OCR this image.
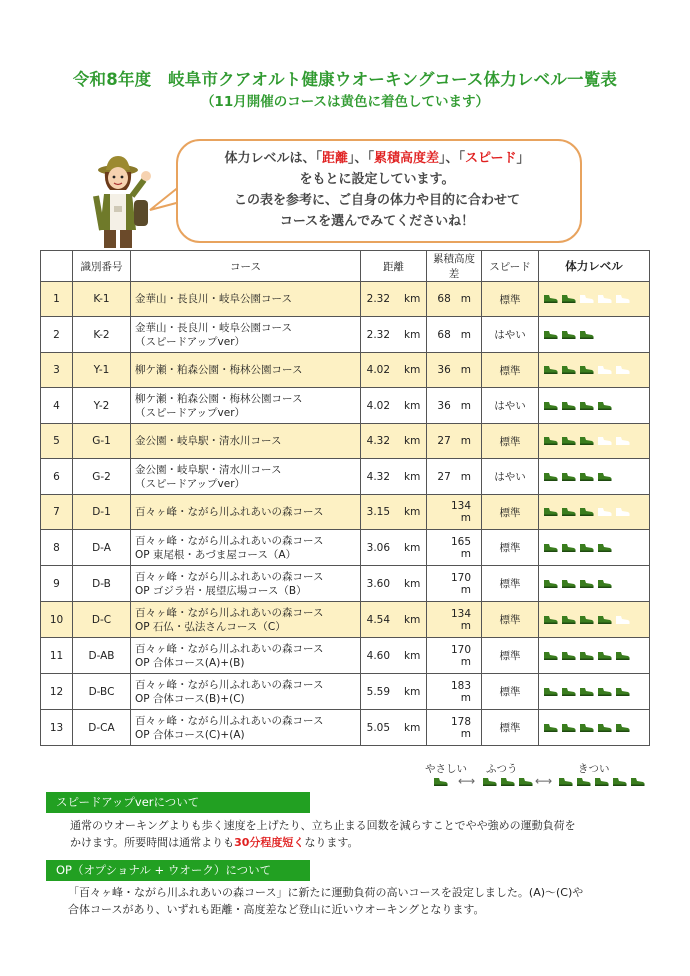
令和8年度　岐阜市クアオルト健康ウオーキングコース体力レベル一覧表
（11月開催のコースは黄色に着色しています）
体力レベルは、「距離」、「累積高度差」、「スピード」
をもとに設定しています。
この表を参考に、ご自身の体力や目的に合わせて
コースを選んでみてくださいね！
	識別番号	コース	距離	累積高度差	スピード	体力レベル
1	K-1	金華山・長良川・岐阜公園コース	2.32 km	68 m	標準	

2	K-2	金華山・長良川・岐阜公園コース
（スピードアップver）	2.32 km	68 m	はやい	

3	Y-1	柳ケ瀬・粕森公園・梅林公園コース	4.02 km	36 m	標準	

4	Y-2	柳ケ瀬・粕森公園・梅林公園コース
（スピードアップver）	4.02 km	36 m	はやい	

5	G-1	金公園・岐阜駅・清水川コース	4.32 km	27 m	標準	

6	G-2	金公園・岐阜駅・清水川コース
（スピードアップver）	4.32 km	27 m	はやい	

7	D-1	百々ヶ峰・ながら川ふれあいの森コース	3.15 km	134m	標準	

8	D-A	百々ヶ峰・ながら川ふれあいの森コース
OP 東尾根・あづま屋コース（A）	3.06 km	165m	標準	

9	D-B	百々ヶ峰・ながら川ふれあいの森コース
OP ゴジラ岩・展望広場コース（B）	3.60 km	170m	標準	

10	D-C	百々ヶ峰・ながら川ふれあいの森コース
OP 石仏・弘法さんコース（C）	4.54 km	134m	標準	

11	D-AB	百々ヶ峰・ながら川ふれあいの森コース
OP 合体コース(A)+(B)	4.60 km	170m	標準	

12	D-BC	百々ヶ峰・ながら川ふれあいの森コース
OP 合体コース(B)+(C)	5.59 km	183m	標準	

13	D-CA	百々ヶ峰・ながら川ふれあいの森コース
OP 合体コース(C)+(A)	5.05 km	178m	標準	
やさしい ふつう	きつい
⟷	⟷
スピードアップverについて
通常のウオーキングよりも歩く速度を上げたり、立ち止まる回数を減らすことでやや強めの運動負荷を
かけます。所要時間は通常よりも30分程度短くなります。
OP（オプショナル + ウオーク）について
「百々ヶ峰・ながら川ふれあいの森コース」に新たに運動負荷の高いコースを設定しました。(A)～(C)や
合体コースがあり、いずれも距離・高度差など登山に近いウオーキングとなります。
